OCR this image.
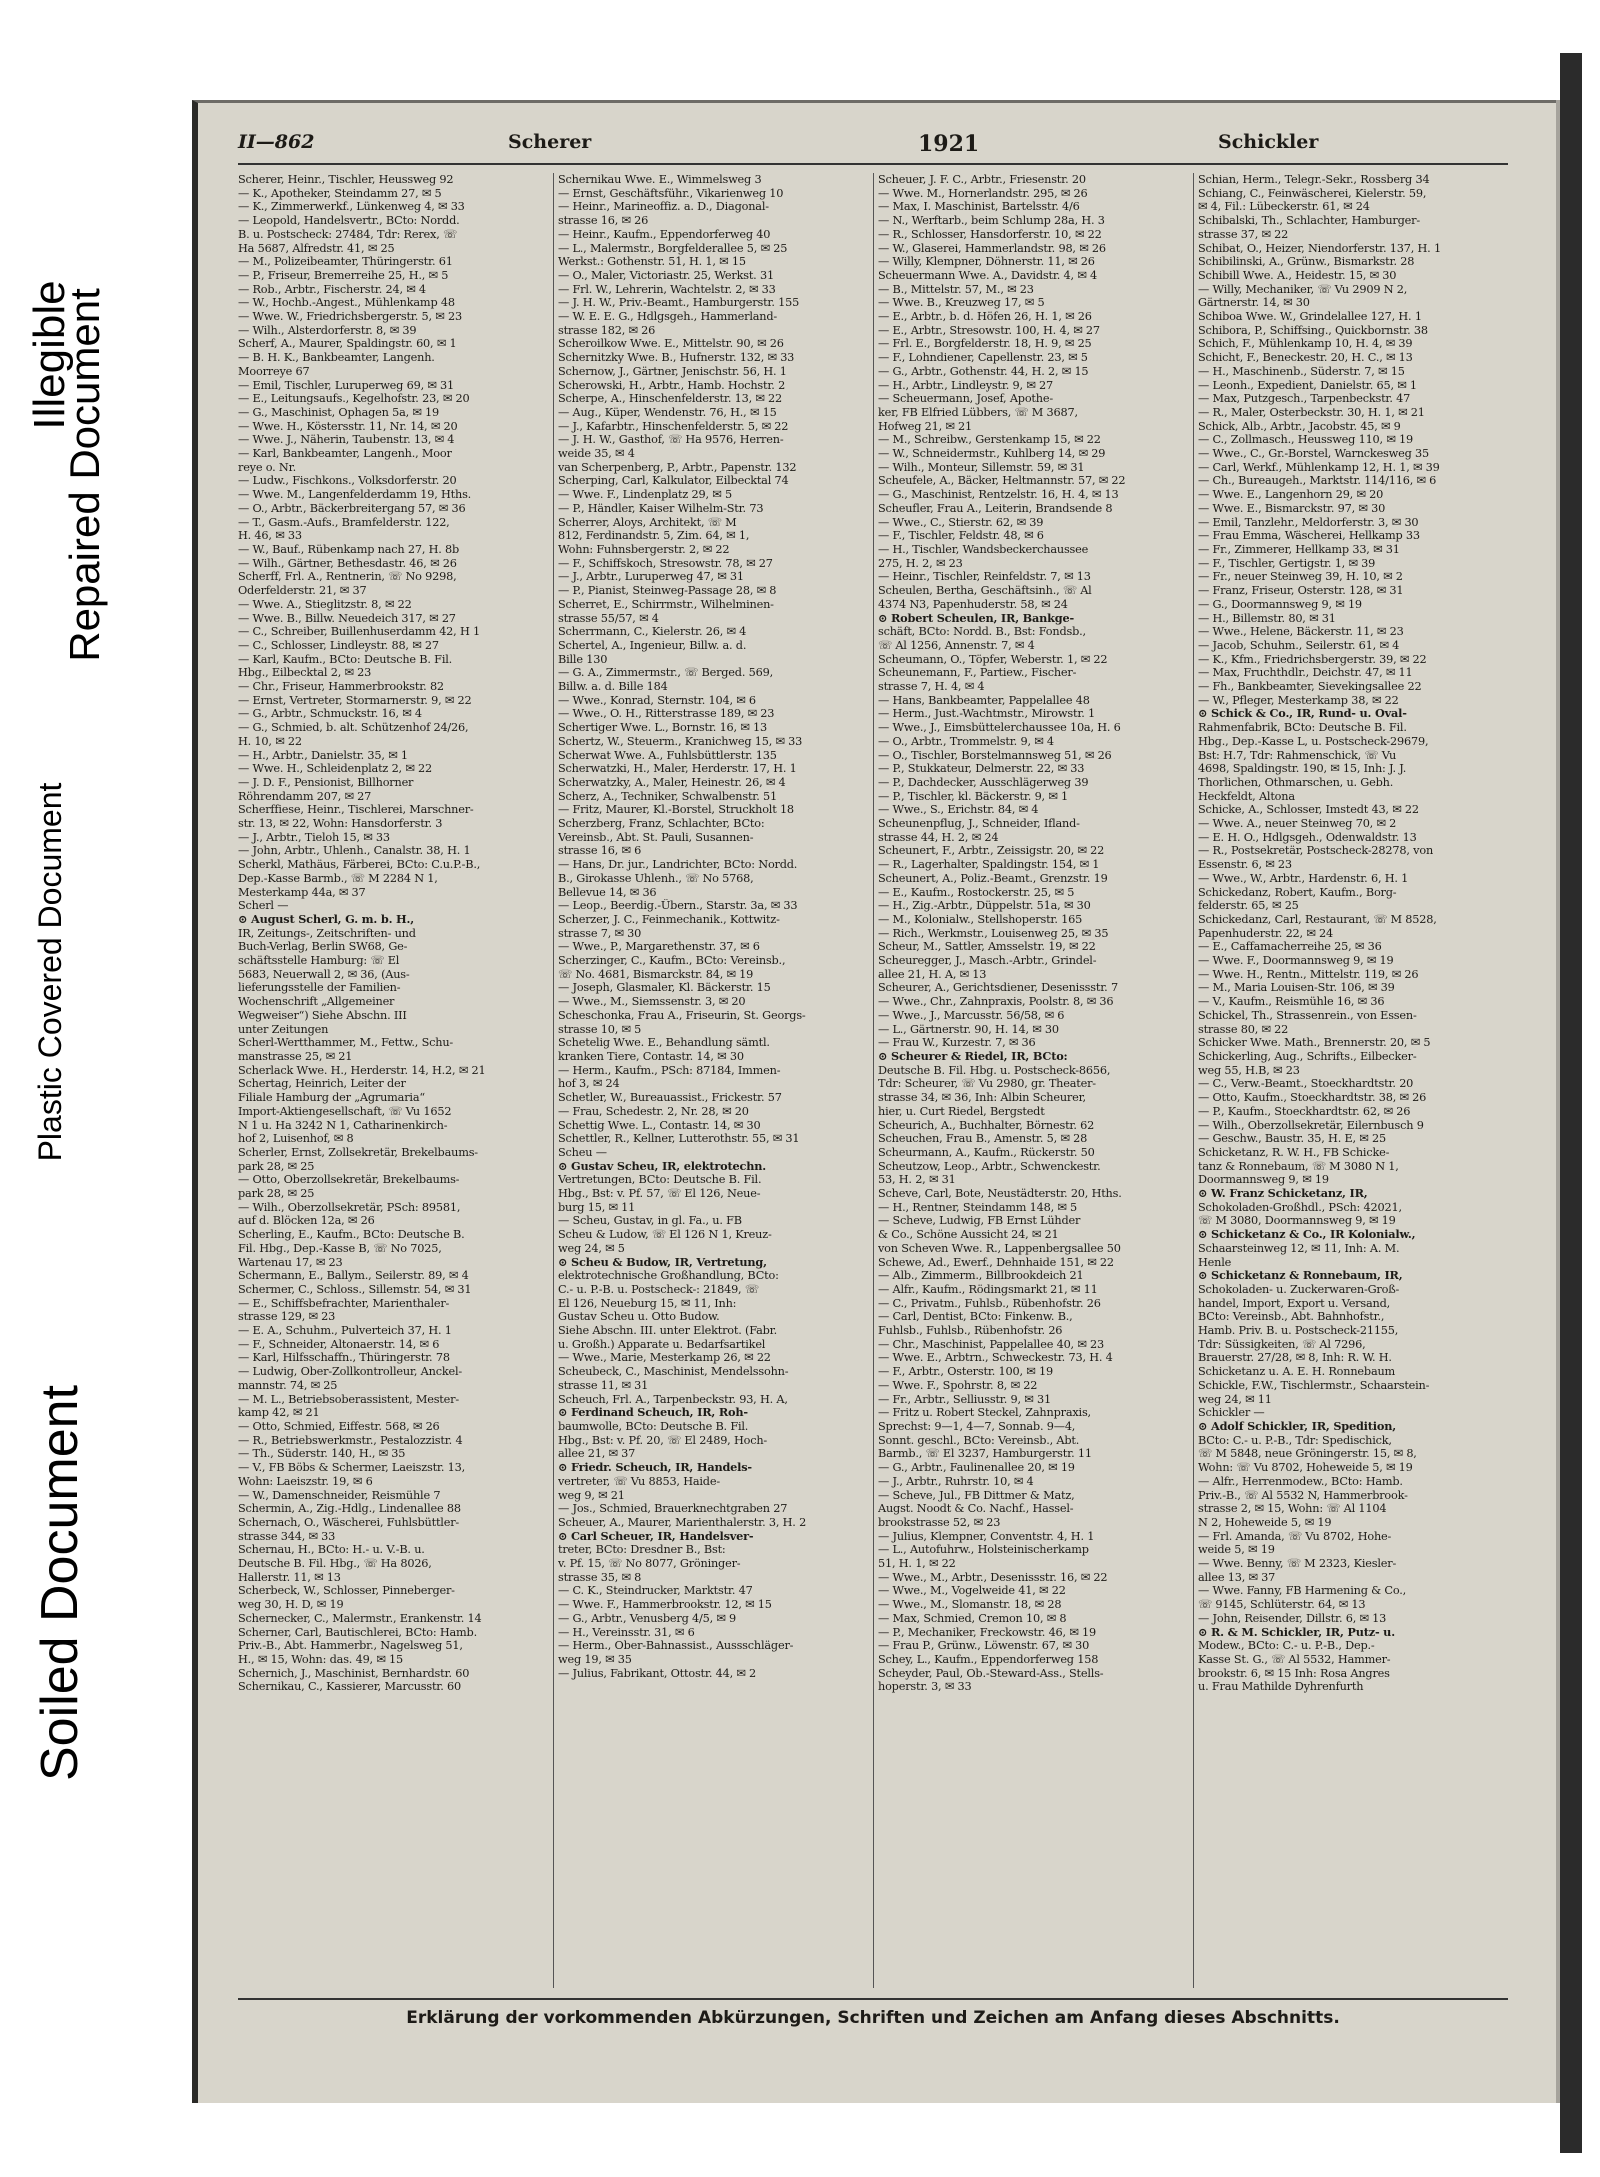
Illegible
Repaired Document
Plastic Covered Document
Soiled Document
II—862	Scherer	1921	Schickler
Scherer, Heinr., Tischler, Heussweg 92
— K., Apotheker, Steindamm 27, ✉ 5
— K., Zimmerwerkf., Lünkenweg 4, ✉ 33
— Leopold, Handelsvertr., BCto: Nordd.
B. u. Postscheck: 27484, Tdr: Rerex, ☏
Ha 5687, Alfredstr. 41, ✉ 25
— M., Polizeibeamter, Thüringerstr. 61
— P., Friseur, Bremerreihe 25, H., ✉ 5
— Rob., Arbtr., Fischerstr. 24, ✉ 4
— W., Hochb.-Angest., Mühlenkamp 48
— Wwe. W., Friedrichsbergerstr. 5, ✉ 23
— Wilh., Alsterdorferstr. 8, ✉ 39
Scherf, A., Maurer, Spaldingstr. 60, ✉ 1
— B. H. K., Bankbeamter, Langenh.
Moorreye 67
— Emil, Tischler, Luruperweg 69, ✉ 31
— E., Leitungsaufs., Kegelhofstr. 23, ✉ 20
— G., Maschinist, Ophagen 5a, ✉ 19
— Wwe. H., Köstersstr. 11, Nr. 14, ✉ 20
— Wwe. J., Näherin, Taubenstr. 13, ✉ 4
— Karl, Bankbeamter, Langenh., Moor
reye o. Nr.
— Ludw., Fischkons., Volksdorferstr. 20
— Wwe. M., Langenfelderdamm 19, Hths.
— O., Arbtr., Bäckerbreitergang 57, ✉ 36
— T., Gasm.-Aufs., Bramfelderstr. 122,
H. 46, ✉ 33
— W., Bauf., Rübenkamp nach 27, H. 8b
— Wilh., Gärtner, Bethesdastr. 46, ✉ 26
Scherff, Frl. A., Rentnerin, ☏ No 9298,
Oderfelderstr. 21, ✉ 37
— Wwe. A., Stieglitzstr. 8, ✉ 22
— Wwe. B., Billw. Neuedeich 317, ✉ 27
— C., Schreiber, Buillenhuserdamm 42, H 1
— C., Schlosser, Lindleystr. 88, ✉ 27
— Karl, Kaufm., BCto: Deutsche B. Fil.
Hbg., Eilbecktal 2, ✉ 23
— Chr., Friseur, Hammerbrookstr. 82
— Ernst, Vertreter, Stormarnerstr. 9, ✉ 22
— G., Arbtr., Schmuckstr. 16, ✉ 4
— G., Schmied, b. alt. Schützenhof 24/26,
H. 10, ✉ 22
— H., Arbtr., Danielstr. 35, ✉ 1
— Wwe. H., Schleidenplatz 2, ✉ 22
— J. D. F., Pensionist, Billhorner
Röhrendamm 207, ✉ 27
Scherffiese, Heinr., Tischlerei, Marschner-
str. 13, ✉ 22, Wohn: Hansdorferstr. 3
— J., Arbtr., Tieloh 15, ✉ 33
— John, Arbtr., Uhlenh., Canalstr. 38, H. 1
Scherkl, Mathäus, Färberei, BCto: C.u.P.-B.,
Dep.-Kasse Barmb., ☏ M 2284 N 1,
Mesterkamp 44a, ✉ 37
Scherl —
⊙ August Scherl, G. m. b. H.,
IR, Zeitungs-, Zeitschriften- und
Buch-Verlag, Berlin SW68, Ge-
schäftsstelle Hamburg: ☏ El
5683, Neuerwall 2, ✉ 36, (Aus-
lieferungsstelle der Familien-
Wochenschrift „Allgemeiner
Wegweiser“) Siehe Abschn. III
unter Zeitungen
Scherl-Wertthammer, M., Fettw., Schu-
manstrasse 25, ✉ 21
Scherlack Wwe. H., Herderstr. 14, H.2, ✉ 21
Schertag, Heinrich, Leiter der
Filiale Hamburg der „Agrumaria“
Import-Aktiengesellschaft, ☏ Vu 1652
N 1 u. Ha 3242 N 1, Catharinenkirch-
hof 2, Luisenhof, ✉ 8
Scherler, Ernst, Zollsekretär, Brekelbaums-
park 28, ✉ 25
— Otto, Oberzollsekretär, Brekelbaums-
park 28, ✉ 25
— Wilh., Oberzollsekretär, PSch: 89581,
auf d. Blöcken 12a, ✉ 26
Scherling, E., Kaufm., BCto: Deutsche B.
Fil. Hbg., Dep.-Kasse B, ☏ No 7025,
Wartenau 17, ✉ 23
Schermann, E., Ballym., Seilerstr. 89, ✉ 4
Schermer, C., Schloss., Sillemstr. 54, ✉ 31
— E., Schiffsbefrachter, Marienthaler-
strasse 129, ✉ 23
— E. A., Schuhm., Pulverteich 37, H. 1
— F., Schneider, Altonaerstr. 14, ✉ 6
— Karl, Hilfsschaffn., Thüringerstr. 78
— Ludwig, Ober-Zollkontrolleur, Anckel-
mannstr. 74, ✉ 25
— M. L., Betriebsoberassistent, Mester-
kamp 42, ✉ 21
— Otto, Schmied, Eiffestr. 568, ✉ 26
— R., Betriebswerkmstr., Pestalozzistr. 4
— Th., Süderstr. 140, H., ✉ 35
— V., FB Böbs & Schermer, Laeiszstr. 13,
Wohn: Laeiszstr. 19, ✉ 6
— W., Damenschneider, Reismühle 7
Schermin, A., Zig.-Hdlg., Lindenallee 88
Schernach, O., Wäscherei, Fuhlsbüttler-
strasse 344, ✉ 33
Schernau, H., BCto: H.- u. V.-B. u.
Deutsche B. Fil. Hbg., ☏ Ha 8026,
Hallerstr. 11, ✉ 13
Scherbeck, W., Schlosser, Pinneberger-
weg 30, H. D, ✉ 19
Schernecker, C., Malermstr., Erankenstr. 14
Scherner, Carl, Bautischlerei, BCto: Hamb.
Priv.-B., Abt. Hammerbr., Nagelsweg 51,
H., ✉ 15, Wohn: das. 49, ✉ 15
Schernich, J., Maschinist, Bernhardstr. 60
Schernikau, C., Kassierer, Marcusstr. 60
Schernikau Wwe. E., Wimmelsweg 3
— Ernst, Geschäftsführ., Vikarienweg 10
— Heinr., Marineoffiz. a. D., Diagonal-
strasse 16, ✉ 26
— Heinr., Kaufm., Eppendorferweg 40
— L., Malermstr., Borgfelderallee 5, ✉ 25
Werkst.: Gothenstr. 51, H. 1, ✉ 15
— O., Maler, Victoriastr. 25, Werkst. 31
— Frl. W., Lehrerin, Wachtelstr. 2, ✉ 33
— J. H. W., Priv.-Beamt., Hamburgerstr. 155
— W. E. E. G., Hdlgsgeh., Hammerland-
strasse 182, ✉ 26
Scheroilkow Wwe. E., Mittelstr. 90, ✉ 26
Schernitzky Wwe. B., Hufnerstr. 132, ✉ 33
Schernow, J., Gärtner, Jenischstr. 56, H. 1
Scherowski, H., Arbtr., Hamb. Hochstr. 2
Scherpe, A., Hinschenfelderstr. 13, ✉ 22
— Aug., Küper, Wendenstr. 76, H., ✉ 15
— J., Kafarbtr., Hinschenfelderstr. 5, ✉ 22
— J. H. W., Gasthof, ☏ Ha 9576, Herren-
weide 35, ✉ 4
van Scherpenberg, P., Arbtr., Papenstr. 132
Scherping, Carl, Kalkulator, Eilbecktal 74
— Wwe. F., Lindenplatz 29, ✉ 5
— P., Händler, Kaiser Wilhelm-Str. 73
Scherrer, Aloys, Architekt, ☏ M
812, Ferdinandstr. 5, Zim. 64, ✉ 1,
Wohn: Fuhnsbergerstr. 2, ✉ 22
— F., Schiffskoch, Stresowstr. 78, ✉ 27
— J., Arbtr., Luruperweg 47, ✉ 31
— P., Pianist, Steinweg-Passage 28, ✉ 8
Scherret, E., Schirrmstr., Wilhelminen-
strasse 55/57, ✉ 4
Scherrmann, C., Kielerstr. 26, ✉ 4
Schertel, A., Ingenieur, Billw. a. d.
Bille 130
— G. A., Zimmermstr., ☏ Berged. 569,
Billw. a. d. Bille 184
— Wwe., Konrad, Sternstr. 104, ✉ 6
— Wwe., O. H., Ritterstrasse 189, ✉ 23
Schertiger Wwe. L., Bornstr. 16, ✉ 13
Schertz, W., Steuerm., Kranichweg 15, ✉ 33
Scherwat Wwe. A., Fuhlsbüttlerstr. 135
Scherwatzki, H., Maler, Herderstr. 17, H. 1
Scherwatzky, A., Maler, Heinestr. 26, ✉ 4
Scherz, A., Techniker, Schwalbenstr. 51
— Fritz, Maurer, Kl.-Borstel, Struckholt 18
Scherzberg, Franz, Schlachter, BCto:
Vereinsb., Abt. St. Pauli, Susannen-
strasse 16, ✉ 6
— Hans, Dr. jur., Landrichter, BCto: Nordd.
B., Girokasse Uhlenh., ☏ No 5768,
Bellevue 14, ✉ 36
— Leop., Beerdig.-Übern., Starstr. 3a, ✉ 33
Scherzer, J. C., Feinmechanik., Kottwitz-
strasse 7, ✉ 30
— Wwe., P., Margarethenstr. 37, ✉ 6
Scherzinger, C., Kaufm., BCto: Vereinsb.,
☏ No. 4681, Bismarckstr. 84, ✉ 19
— Joseph, Glasmaler, Kl. Bäckerstr. 15
— Wwe., M., Siemssenstr. 3, ✉ 20
Scheschonka, Frau A., Friseurin, St. Georgs-
strasse 10, ✉ 5
Schetelig Wwe. E., Behandlung sämtl.
kranken Tiere, Contastr. 14, ✉ 30
— Herm., Kaufm., PSch: 87184, Immen-
hof 3, ✉ 24
Schetler, W., Bureauassist., Frickestr. 57
— Frau, Schedestr. 2, Nr. 28, ✉ 20
Schettig Wwe. L., Contastr. 14, ✉ 30
Schettler, R., Kellner, Lutterothstr. 55, ✉ 31
Scheu —
⊙ Gustav Scheu, IR, elektrotechn.
Vertretungen, BCto: Deutsche B. Fil.
Hbg., Bst: v. Pf. 57, ☏ El 126, Neue-
burg 15, ✉ 11
— Scheu, Gustav, in gl. Fa., u. FB
Scheu & Ludow, ☏ El 126 N 1, Kreuz-
weg 24, ✉ 5
⊙ Scheu & Budow, IR, Vertretung,
elektrotechnische Großhandlung, BCto:
C.- u. P.-B. u. Postscheck-: 21849, ☏
El 126, Neueburg 15, ✉ 11, Inh:
Gustav Scheu u. Otto Budow.
Siehe Abschn. III. unter Elektrot. (Fabr.
u. Großh.) Apparate u. Bedarfsartikel
— Wwe., Marie, Mesterkamp 26, ✉ 22
Scheubeck, C., Maschinist, Mendelssohn-
strasse 11, ✉ 31
Scheuch, Frl. A., Tarpenbeckstr. 93, H. A,
⊙ Ferdinand Scheuch, IR, Roh-
baumwolle, BCto: Deutsche B. Fil.
Hbg., Bst: v. Pf. 20, ☏ El 2489, Hoch-
allee 21, ✉ 37
⊙ Friedr. Scheuch, IR, Handels-
vertreter, ☏ Vu 8853, Haide-
weg 9, ✉ 21
— Jos., Schmied, Brauerknechtgraben 27
Scheuer, A., Maurer, Marienthalerstr. 3, H. 2
⊙ Carl Scheuer, IR, Handelsver-
treter, BCto: Dresdner B., Bst:
v. Pf. 15, ☏ No 8077, Gröninger-
strasse 35, ✉ 8
— C. K., Steindrucker, Marktstr. 47
— Wwe. F., Hammerbrookstr. 12, ✉ 15
— G., Arbtr., Venusberg 4/5, ✉ 9
— H., Vereinsstr. 31, ✉ 6
— Herm., Ober-Bahnassist., Aussschläger-
weg 19, ✉ 35
— Julius, Fabrikant, Ottostr. 44, ✉ 2
Scheuer, J. F. C., Arbtr., Friesenstr. 20
— Wwe. M., Hornerlandstr. 295, ✉ 26
— Max, I. Maschinist, Bartelsstr. 4/6
— N., Werftarb., beim Schlump 28a, H. 3
— R., Schlosser, Hansdorferstr. 10, ✉ 22
— W., Glaserei, Hammerlandstr. 98, ✉ 26
— Willy, Klempner, Döhnerstr. 11, ✉ 26
Scheuermann Wwe. A., Davidstr. 4, ✉ 4
— B., Mittelstr. 57, M., ✉ 23
— Wwe. B., Kreuzweg 17, ✉ 5
— E., Arbtr., b. d. Höfen 26, H. 1, ✉ 26
— E., Arbtr., Stresowstr. 100, H. 4, ✉ 27
— Frl. E., Borgfelderstr. 18, H. 9, ✉ 25
— F., Lohndiener, Capellenstr. 23, ✉ 5
— G., Arbtr., Gothenstr. 44, H. 2, ✉ 15
— H., Arbtr., Lindleystr. 9, ✉ 27
— Scheuermann, Josef, Apothe-
ker, FB Elfried Lübbers, ☏ M 3687,
Hofweg 21, ✉ 21
— M., Schreibw., Gerstenkamp 15, ✉ 22
— W., Schneidermstr., Kuhlberg 14, ✉ 29
— Wilh., Monteur, Sillemstr. 59, ✉ 31
Scheufele, A., Bäcker, Heltmannstr. 57, ✉ 22
— G., Maschinist, Rentzelstr. 16, H. 4, ✉ 13
Scheufler, Frau A., Leiterin, Brandsende 8
— Wwe., C., Stierstr. 62, ✉ 39
— F., Tischler, Feldstr. 48, ✉ 6
— H., Tischler, Wandsbeckerchaussee
275, H. 2, ✉ 23
— Heinr., Tischler, Reinfeldstr. 7, ✉ 13
Scheulen, Bertha, Geschäftsinh., ☏ Al
4374 N3, Papenhuderstr. 58, ✉ 24
⊙ Robert Scheulen, IR, Bankge-
schäft, BCto: Nordd. B., Bst: Fondsb.,
☏ Al 1256, Annenstr. 7, ✉ 4
Scheumann, O., Töpfer, Weberstr. 1, ✉ 22
Scheunemann, F., Partiew., Fischer-
strasse 7, H. 4, ✉ 4
— Hans, Bankbeamter, Pappelallee 48
— Herm., Just.-Wachtmstr., Mirowstr. 1
— Wwe., J., Eimsbüttelerchaussee 10a, H. 6
— O., Arbtr., Trommelstr. 9, ✉ 4
— O., Tischler, Borstelmannsweg 51, ✉ 26
— P., Stukkateur, Delmerstr. 22, ✉ 33
— P., Dachdecker, Ausschlägerweg 39
— P., Tischler, kl. Bäckerstr. 9, ✉ 1
— Wwe., S., Erichstr. 84, ✉ 4
Scheunenpflug, J., Schneider, Ifland-
strasse 44, H. 2, ✉ 24
Scheunert, F., Arbtr., Zeissigstr. 20, ✉ 22
— R., Lagerhalter, Spaldingstr. 154, ✉ 1
Scheunert, A., Poliz.-Beamt., Grenzstr. 19
— E., Kaufm., Rostockerstr. 25, ✉ 5
— H., Zig.-Arbtr., Düppelstr. 51a, ✉ 30
— M., Kolonialw., Stellshoperstr. 165
— Rich., Werkmstr., Louisenweg 25, ✉ 35
Scheur, M., Sattler, Amsselstr. 19, ✉ 22
Scheuregger, J., Masch.-Arbtr., Grindel-
allee 21, H. A, ✉ 13
Scheurer, A., Gerichtsdiener, Desenissstr. 7
— Wwe., Chr., Zahnpraxis, Poolstr. 8, ✉ 36
— Wwe., J., Marcusstr. 56/58, ✉ 6
— L., Gärtnerstr. 90, H. 14, ✉ 30
— Frau W., Kurzestr. 7, ✉ 36
⊙ Scheurer & Riedel, IR, BCto:
Deutsche B. Fil. Hbg. u. Postscheck-8656,
Tdr: Scheurer, ☏ Vu 2980, gr. Theater-
strasse 34, ✉ 36, Inh: Albin Scheurer,
hier, u. Curt Riedel, Bergstedt
Scheurich, A., Buchhalter, Börnestr. 62
Scheuchen, Frau B., Amenstr. 5, ✉ 28
Scheurmann, A., Kaufm., Rückerstr. 50
Scheutzow, Leop., Arbtr., Schwenckestr.
53, H. 2, ✉ 31
Scheve, Carl, Bote, Neustädterstr. 20, Hths.
— H., Rentner, Steindamm 148, ✉ 5
— Scheve, Ludwig, FB Ernst Lühder
& Co., Schöne Aussicht 24, ✉ 21
von Scheven Wwe. R., Lappenbergsallee 50
Schewe, Ad., Ewerf., Dehnhaide 151, ✉ 22
— Alb., Zimmerm., Billbrookdeich 21
— Alfr., Kaufm., Rödingsmarkt 21, ✉ 11
— C., Privatm., Fuhlsb., Rübenhofstr. 26
— Carl, Dentist, BCto: Finkenw. B.,
Fuhlsb., Fuhlsb., Rübenhofstr. 26
— Chr., Maschinist, Pappelallee 40, ✉ 23
— Wwe. E., Arbtrn., Schweckestr. 73, H. 4
— F., Arbtr., Osterstr. 100, ✉ 19
— Wwe. F., Spohrstr. 8, ✉ 22
— Fr., Arbtr., Selliusstr. 9, ✉ 31
— Fritz u. Robert Steckel, Zahnpraxis,
Sprechst: 9—1, 4—7, Sonnab. 9—4,
Sonnt. geschl., BCto: Vereinsb., Abt.
Barmb., ☏ El 3237, Hamburgerstr. 11
— G., Arbtr., Faulinenallee 20, ✉ 19
— J., Arbtr., Ruhrstr. 10, ✉ 4
— Scheve, Jul., FB Dittmer & Matz,
Augst. Noodt & Co. Nachf., Hassel-
brookstrasse 52, ✉ 23
— Julius, Klempner, Conventstr. 4, H. 1
— L., Autofuhrw., Holsteinischerkamp
51, H. 1, ✉ 22
— Wwe., M., Arbtr., Desenissstr. 16, ✉ 22
— Wwe., M., Vogelweide 41, ✉ 22
— Wwe., M., Slomanstr. 18, ✉ 28
— Max, Schmied, Cremon 10, ✉ 8
— P., Mechaniker, Freckowstr. 46, ✉ 19
— Frau P., Grünw., Löwenstr. 67, ✉ 30
Schey, L., Kaufm., Eppendorferweg 158
Scheyder, Paul, Ob.-Steward-Ass., Stells-
hoperstr. 3, ✉ 33
Schian, Herm., Telegr.-Sekr., Rossberg 34
Schiang, C., Feinwäscherei, Kielerstr. 59,
✉ 4, Fil.: Lübeckerstr. 61, ✉ 24
Schibalski, Th., Schlachter, Hamburger-
strasse 37, ✉ 22
Schibat, O., Heizer, Niendorferstr. 137, H. 1
Schibilinski, A., Grünw., Bismarkstr. 28
Schibill Wwe. A., Heidestr. 15, ✉ 30
— Willy, Mechaniker, ☏ Vu 2909 N 2,
Gärtnerstr. 14, ✉ 30
Schiboa Wwe. W., Grindelallee 127, H. 1
Schibora, P., Schiffsing., Quickbornstr. 38
Schich, F., Mühlenkamp 10, H. 4, ✉ 39
Schicht, F., Beneckestr. 20, H. C., ✉ 13
— H., Maschinenb., Süderstr. 7, ✉ 15
— Leonh., Expedient, Danielstr. 65, ✉ 1
— Max, Putzgesch., Tarpenbeckstr. 47
— R., Maler, Osterbeckstr. 30, H. 1, ✉ 21
Schick, Alb., Arbtr., Jacobstr. 45, ✉ 9
— C., Zollmasch., Heussweg 110, ✉ 19
— Wwe., C., Gr.-Borstel, Warnckesweg 35
— Carl, Werkf., Mühlenkamp 12, H. 1, ✉ 39
— Ch., Bureaugeh., Marktstr. 114/116, ✉ 6
— Wwe. E., Langenhorn 29, ✉ 20
— Wwe. E., Bismarckstr. 97, ✉ 30
— Emil, Tanzlehr., Meldorferstr. 3, ✉ 30
— Frau Emma, Wäscherei, Hellkamp 33
— Fr., Zimmerer, Hellkamp 33, ✉ 31
— F., Tischler, Gertigstr. 1, ✉ 39
— Fr., neuer Steinweg 39, H. 10, ✉ 2
— Franz, Friseur, Osterstr. 128, ✉ 31
— G., Doormannsweg 9, ✉ 19
— H., Billemstr. 80, ✉ 31
— Wwe., Helene, Bäckerstr. 11, ✉ 23
— Jacob, Schuhm., Seilerstr. 61, ✉ 4
— K., Kfm., Friedrichsbergerstr. 39, ✉ 22
— Max, Fruchthdlr., Deichstr. 47, ✉ 11
— Fh., Bankbeamter, Sievekingsallee 22
— W., Pfleger, Mesterkamp 38, ✉ 22
⊙ Schick & Co., IR, Rund- u. Oval-
Rahmenfabrik, BCto: Deutsche B. Fil.
Hbg., Dep.-Kasse L, u. Postscheck-29679,
Bst: H.7, Tdr: Rahmenschick, ☏ Vu
4698, Spaldingstr. 190, ✉ 15, Inh: J. J.
Thorlichen, Othmarschen, u. Gebh.
Heckfeldt, Altona
Schicke, A., Schlosser, Imstedt 43, ✉ 22
— Wwe. A., neuer Steinweg 70, ✉ 2
— E. H. O., Hdlgsgeh., Odenwaldstr. 13
— R., Postsekretär, Postscheck-28278, von
Essenstr. 6, ✉ 23
— Wwe., W., Arbtr., Hardenstr. 6, H. 1
Schickedanz, Robert, Kaufm., Borg-
felderstr. 65, ✉ 25
Schickedanz, Carl, Restaurant, ☏ M 8528,
Papenhuderstr. 22, ✉ 24
— E., Caffamacherreihe 25, ✉ 36
— Wwe. F., Doormannsweg 9, ✉ 19
— Wwe. H., Rentn., Mittelstr. 119, ✉ 26
— M., Maria Louisen-Str. 106, ✉ 39
— V., Kaufm., Reismühle 16, ✉ 36
Schickel, Th., Strassenrein., von Essen-
strasse 80, ✉ 22
Schicker Wwe. Math., Brennerstr. 20, ✉ 5
Schickerling, Aug., Schrifts., Eilbecker-
weg 55, H.B, ✉ 23
— C., Verw.-Beamt., Stoeckhardtstr. 20
— Otto, Kaufm., Stoeckhardtstr. 38, ✉ 26
— P., Kaufm., Stoeckhardtstr. 62, ✉ 26
— Wilh., Oberzollsekretär, Eilernbusch 9
— Geschw., Baustr. 35, H. E, ✉ 25
Schicketanz, R. W. H., FB Schicke-
tanz & Ronnebaum, ☏ M 3080 N 1,
Doormannsweg 9, ✉ 19
⊙ W. Franz Schicketanz, IR,
Schokoladen-Großhdl., PSch: 42021,
☏ M 3080, Doormannsweg 9, ✉ 19
⊙ Schicketanz & Co., IR Kolonialw.,
Schaarsteinweg 12, ✉ 11, Inh: A. M.
Henle
⊙ Schicketanz & Ronnebaum, IR,
Schokoladen- u. Zuckerwaren-Groß-
handel, Import, Export u. Versand,
BCto: Vereinsb., Abt. Bahnhofstr.,
Hamb. Priv. B. u. Postscheck-21155,
Tdr: Süssigkeiten, ☏ Al 7296,
Brauerstr. 27/28, ✉ 8, Inh: R. W. H.
Schicketanz u. A. E. H. Ronnebaum
Schickle, F.W., Tischlermstr., Schaarstein-
weg 24, ✉ 11
Schickler —
⊙ Adolf Schickler, IR, Spedition,
BCto: C.- u. P.-B., Tdr: Spedischick,
☏ M 5848, neue Gröningerstr. 15, ✉ 8,
Wohn: ☏ Vu 8702, Hoheweide 5, ✉ 19
— Alfr., Herrenmodew., BCto: Hamb.
Priv.-B., ☏ Al 5532 N, Hammerbrook-
strasse 2, ✉ 15, Wohn: ☏ Al 1104
N 2, Hoheweide 5, ✉ 19
— Frl. Amanda, ☏ Vu 8702, Hohe-
weide 5, ✉ 19
— Wwe. Benny, ☏ M 2323, Kiesler-
allee 13, ✉ 37
— Wwe. Fanny, FB Harmening & Co.,
☏ 9145, Schlüterstr. 64, ✉ 13
— John, Reisender, Dillstr. 6, ✉ 13
⊙ R. & M. Schickler, IR, Putz- u.
Modew., BCto: C.- u. P.-B., Dep.-
Kasse St. G., ☏ Al 5532, Hammer-
brookstr. 6, ✉ 15 Inh: Rosa Angres
u. Frau Mathilde Dyhrenfurth
Erklärung der vorkommenden Abkürzungen, Schriften und Zeichen am Anfang dieses Abschnitts.
